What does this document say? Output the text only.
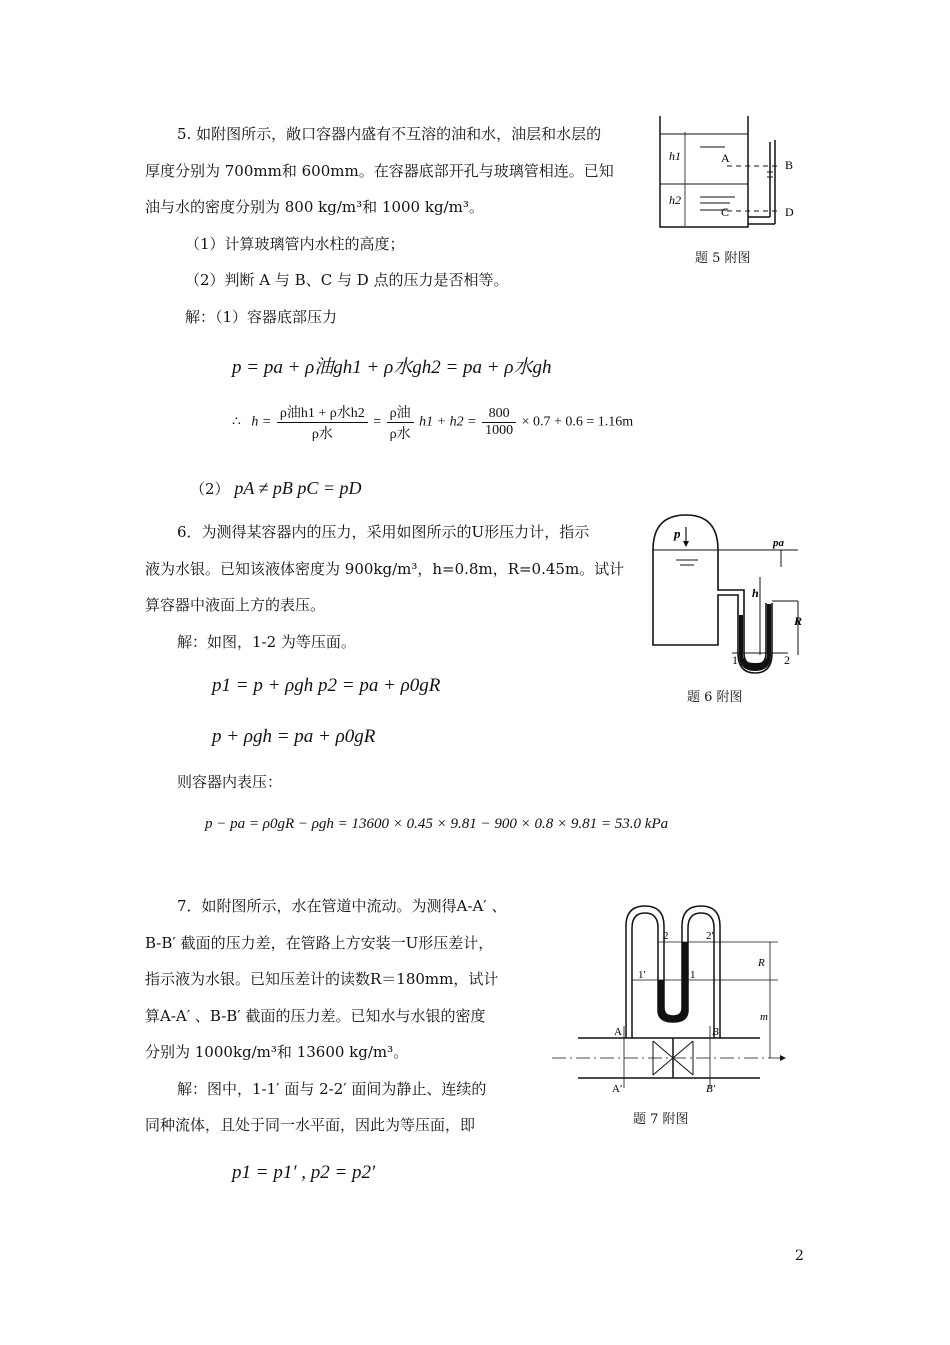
5. 如附图所示，敞口容器内盛有不互溶的油和水，油层和水层的

厚度分别为 700mm和 600mm。在容器底部开孔与玻璃管相连。已知

油与水的密度分别为 800 kg/m³和 1000 kg/m³。

（1）计算玻璃管内水柱的高度；

（2）判断 A 与 B、C 与 D 点的压力是否相等。

解：（1）容器底部压力

p = pa + ρ油gh1 + ρ水gh2 = pa + ρ水gh
∴ $h = \frac{\text{ρ油h1 + ρ水h2}}{\text{ρ水}} = \frac{\text{ρ油}}{\text{ρ水}} h1 + h2 = \frac{800}{1000} \times 0.7 + 0.6 = 1.16m$
（2） pA ≠ pB pC = pD
h1
h2
A	B
C	D
题 5 附图

6．为测得某容器内的压力，采用如图所示的U形压力计，指示

液为水银。已知该液体密度为 900kg/m³，h=0.8m，R=0.45m。试计

算容器中液面上方的表压。

解：如图，1-2 为等压面。

p1 = p + ρgh p2 = pa + ρ0gR
p + ρgh = pa + ρ0gR
则容器内表压：
p − pa = ρ0gR − ρgh = 13600 × 0.45 × 9.81 − 900 × 0.8 × 9.81 = 53.0 kPa
p
pa
h
R
1	2
题 6 附图

7．如附图所示，水在管道中流动。为测得A-A′ 、

B-B′ 截面的压力差，在管路上方安装一U形压差计，

指示液为水银。已知压差计的读数R＝180mm，试计

算A-A′ 、B-B′ 截面的压力差。已知水与水银的密度

分别为 1000kg/m³和 13600 kg/m³。

解：图中，1-1′ 面与 2-2′ 面间为静止、连续的

同种流体，且处于同一水平面，因此为等压面，即

p1 = p1′ , p2 = p2′
2	2′
1′	1
R
m
A	B
A′	B′
题 7 附图
2
